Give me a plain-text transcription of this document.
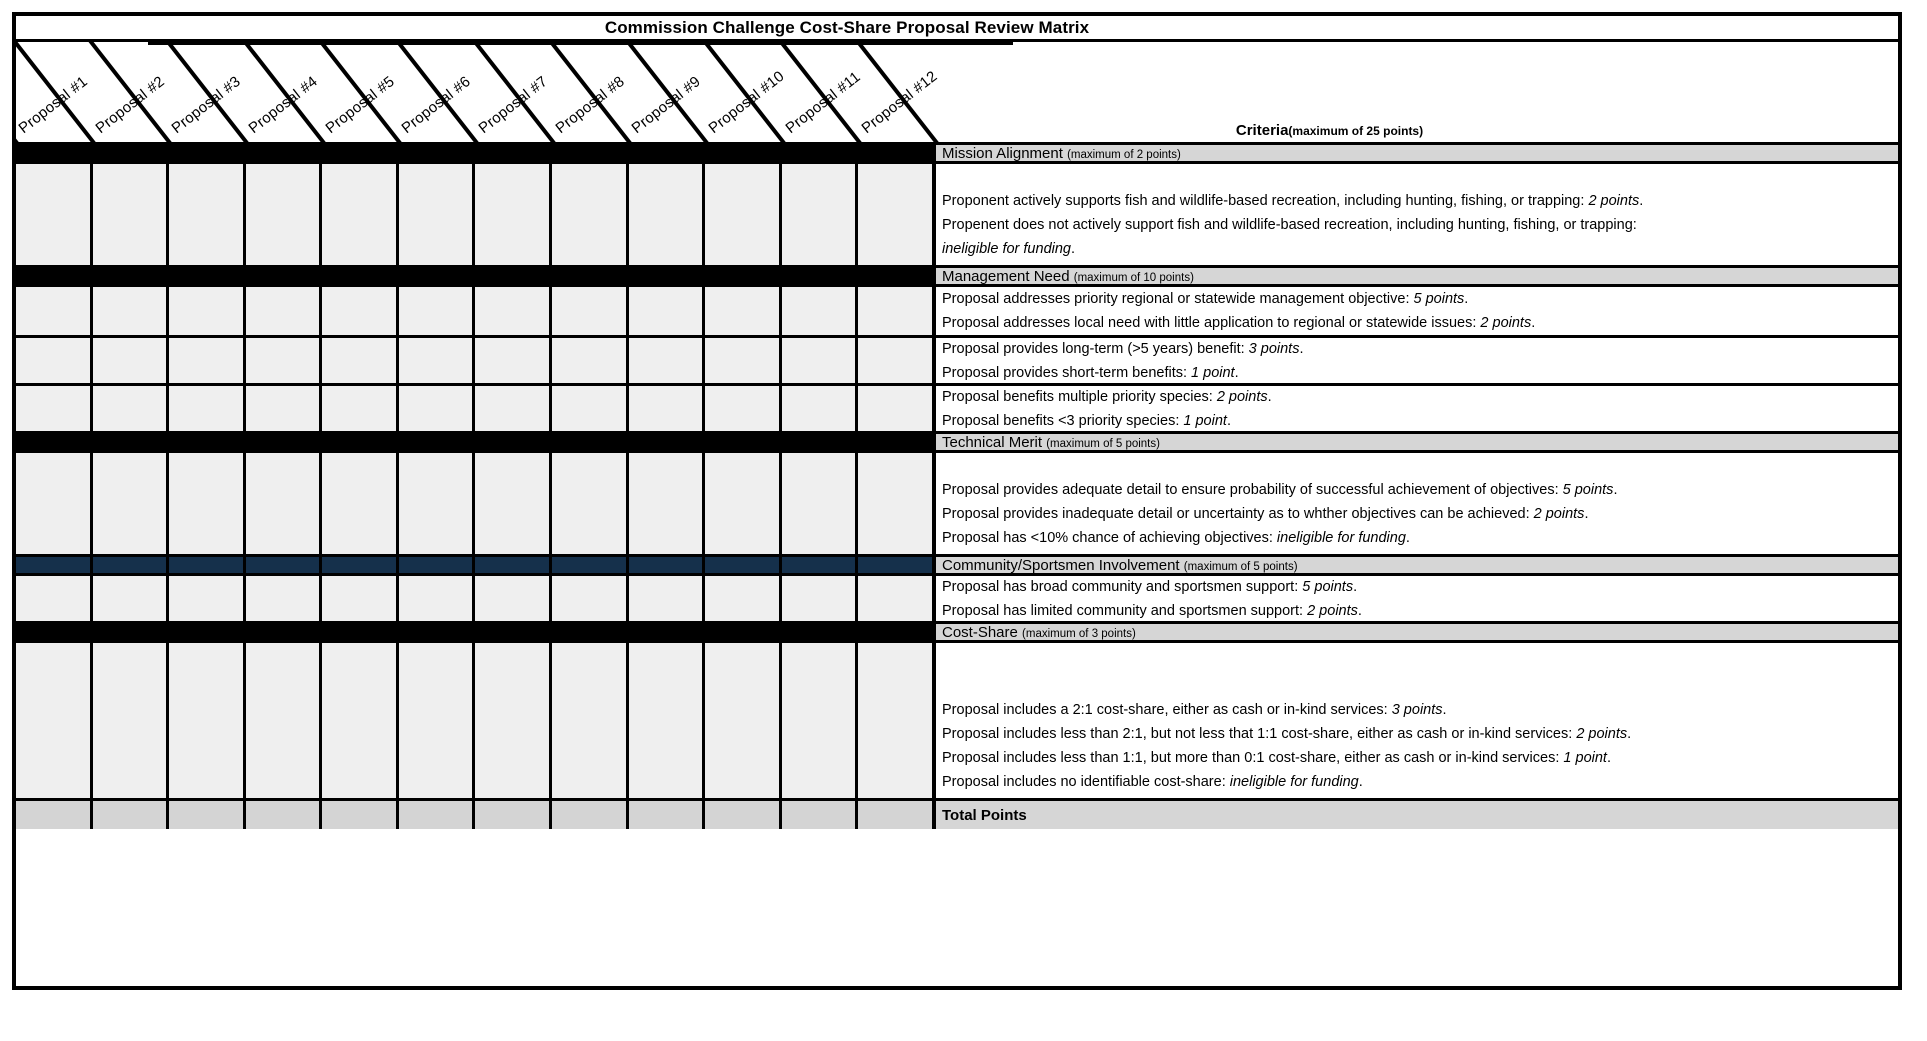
Commission Challenge Cost-Share Proposal Review Matrix
Proposal #1 Proposal #2 Proposal #3 Proposal #4 Proposal #5 Proposal #6 Proposal #7 Proposal #8 Proposal #9 Proposal #10
Proposal #11
Proposal #12	Criteria(maximum of 25 points)
Mission Alignment (maximum of 2 points)
Proponent actively supports fish and wildlife-based recreation, including hunting, fishing, or trapping: 2 points.
Propenent does not actively support fish and wildlife-based recreation, including hunting, fishing, or trapping:
ineligible for funding.
Management Need (maximum of 10 points)
Proposal addresses priority regional or statewide management objective: 5 points.
Proposal addresses local need with little application to regional or statewide issues: 2 points.
Proposal provides long-term (>5 years) benefit: 3 points.
Proposal provides short-term benefits: 1 point.
Proposal benefits multiple priority species: 2 points.
Proposal benefits <3 priority species: 1 point.
Technical Merit (maximum of 5 points)
Proposal provides adequate detail to ensure probability of successful achievement of objectives: 5 points.
Proposal provides inadequate detail or uncertainty as to whther objectives can be achieved: 2 points.
Proposal has <10% chance of achieving objectives: ineligible for funding.
Community/Sportsmen Involvement (maximum of 5 points)
Proposal has broad community and sportsmen support: 5 points.
Proposal has limited community and sportsmen support: 2 points.
Cost-Share (maximum of 3 points)
Proposal includes a 2:1 cost-share, either as cash or in-kind services: 3 points.
Proposal includes less than 2:1, but not less that 1:1 cost-share, either as cash or in-kind services: 2 points.
Proposal includes less than 1:1, but more than 0:1 cost-share, either as cash or in-kind services: 1 point.
Proposal includes no identifiable cost-share: ineligible for funding.
Total Points
